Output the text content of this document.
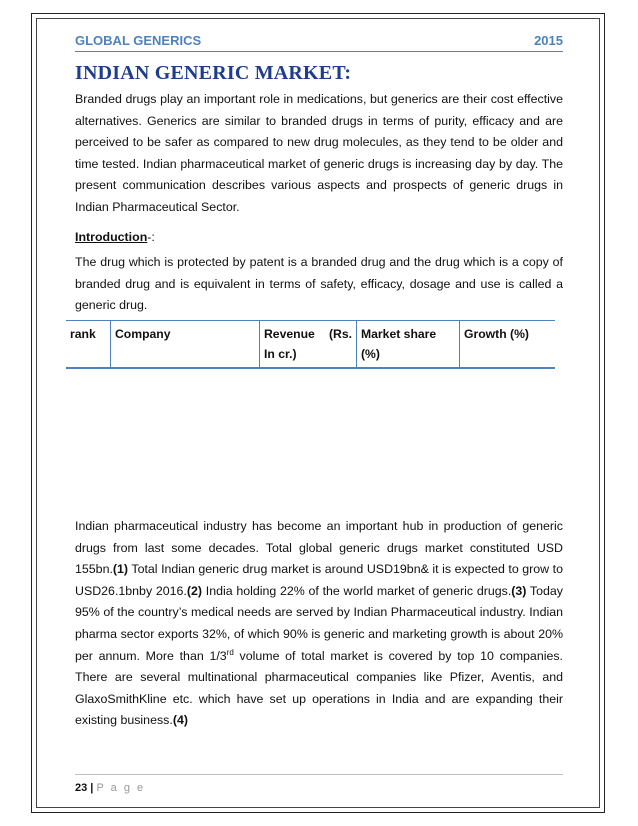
GLOBAL GENERICS	2015
INDIAN GENERIC MARKET:
Branded drugs play an important role in medications, but generics are their cost effective alternatives. Generics are similar to branded drugs in terms of purity, efficacy and are perceived to be safer as compared to new drug molecules, as they tend to be older and time tested. Indian pharmaceutical market of generic drugs is increasing day by day. The present communication describes various aspects and prospects of generic drugs in Indian Pharmaceutical Sector.
Introduction-:
The drug which is protected by patent is a branded drug and the drug which is a copy of branded drug and is equivalent in terms of safety, efficacy, dosage and use is called a generic drug.
rank	Company	Revenue (Rs. In cr.)	Market share (%)	Growth (%)
Indian pharmaceutical industry has become an important hub in production of generic drugs from last some decades. Total global generic drugs market constituted USD 155bn.(1) Total Indian generic drug market is around USD19bn& it is expected to grow to USD26.1bnby 2016.(2) India holding 22% of the world market of generic drugs.(3) Today 95% of the country’s medical needs are served by Indian Pharmaceutical industry. Indian pharma sector exports 32%, of which 90% is generic and marketing growth is about 20% per annum. More than 1/3rd volume of total market is covered by top 10 companies. There are several multinational pharmaceutical companies like Pfizer, Aventis, and GlaxoSmithKline etc. which have set up operations in India and are expanding their existing business.(4)
23 | P a g e
